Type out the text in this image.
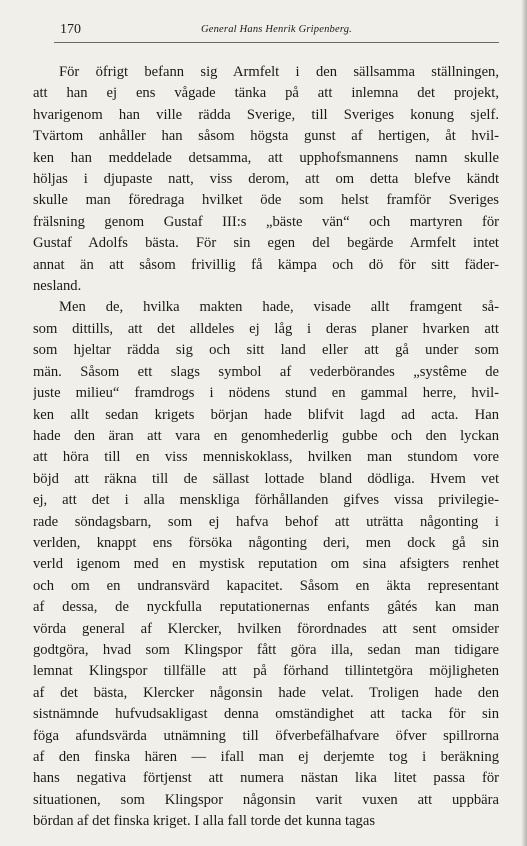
170	General Hans Henrik Gripenberg.
För öfrigt befann sig Armfelt i den sällsamma ställningen,
att han ej ens vågade tänka på att inlemna det projekt,
hvarigenom han ville rädda Sverige, till Sveriges konung sjelf.
Tvärtom anhåller han såsom högsta gunst af hertigen, åt hvil-
ken han meddelade detsamma, att upphofsmannens namn skulle
höljas i djupaste natt, viss derom, att om detta blefve kändt
skulle man föredraga hvilket öde som helst framför Sveriges
frälsning genom Gustaf III:s „bäste vän“ och martyren för
Gustaf Adolfs bästa. För sin egen del begärde Armfelt intet
annat än att såsom frivillig få kämpa och dö för sitt fäder-
nesland.
Men de, hvilka makten hade, visade allt framgent så-
som dittills, att det alldeles ej låg i deras planer hvarken att
som hjeltar rädda sig och sitt land eller att gå under som
män. Såsom ett slags symbol af vederbörandes „systême de
juste milieu“ framdrogs i nödens stund en gammal herre, hvil-
ken allt sedan krigets början hade blifvit lagd ad acta. Han
hade den äran att vara en genomhederlig gubbe och den lyckan
att höra till en viss menniskoklass, hvilken man stundom vore
böjd att räkna till de sällast lottade bland dödliga. Hvem vet
ej, att det i alla menskliga förhållanden gifves vissa privilegie-
rade söndagsbarn, som ej hafva behof att uträtta någonting i
verlden, knappt ens försöka någonting deri, men dock gå sin
verld igenom med en mystisk reputation om sina afsigters renhet
och om en undransvärd kapacitet. Såsom en äkta representant
af dessa, de nyckfulla reputationernas enfants gâtés kan man
vörda general af Klercker, hvilken förordnades att sent omsider
godtgöra, hvad som Klingspor fått göra illa, sedan man tidigare
lemnat Klingspor tillfälle att på förhand tillintetgöra möjligheten
af det bästa, Klercker någonsin hade velat. Troligen hade den
sistnämnde hufvudsakligast denna omständighet att tacka för sin
föga afundsvärda utnämning till öfverbefälhafvare öfver spillrorna
af den finska hären — ifall man ej derjemte tog i beräkning
hans negativa förtjenst att numera nästan lika litet passa för
situationen, som Klingspor någonsin varit vuxen att uppbära
bördan af det finska kriget. I alla fall torde det kunna tagas
